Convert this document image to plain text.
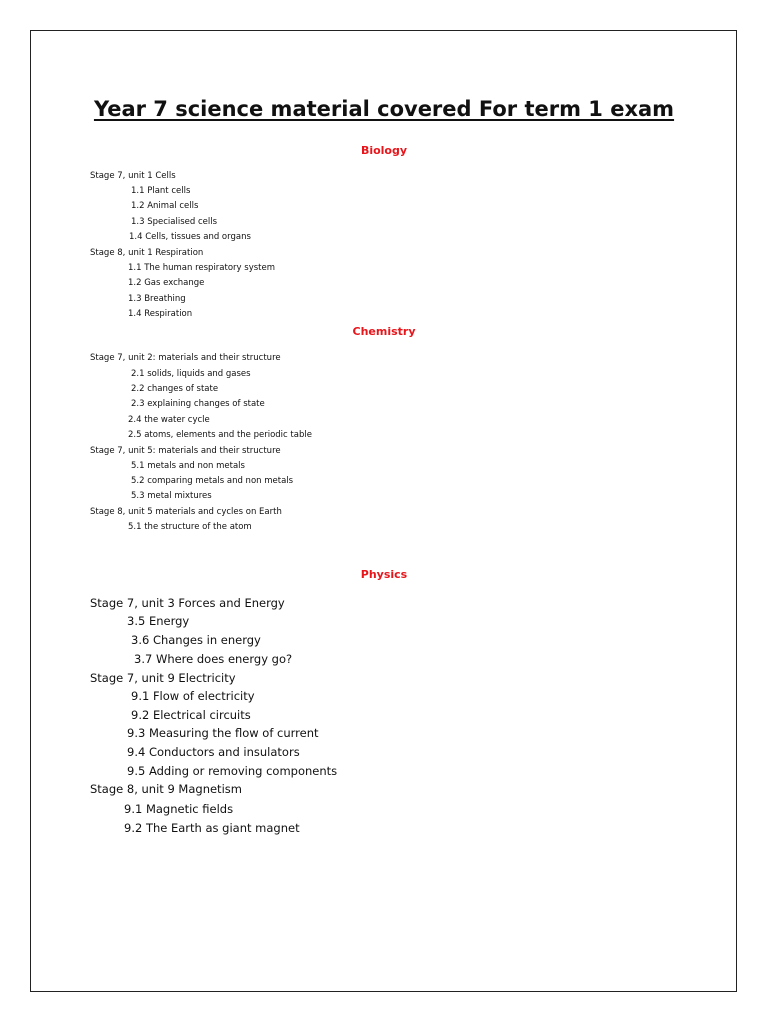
Year 7 science material covered For term 1 exam
Biology
Stage 7, unit 1 Cells
1.1 Plant cells
1.2 Animal cells
1.3 Specialised cells
1.4 Cells, tissues and organs
Stage 8, unit 1 Respiration
1.1 The human respiratory system
1.2 Gas exchange
1.3 Breathing
1.4 Respiration
Chemistry
Stage 7, unit 2: materials and their structure
2.1 solids, liquids and gases
2.2 changes of state
2.3 explaining changes of state
2.4 the water cycle
2.5 atoms, elements and the periodic table
Stage 7, unit 5: materials and their structure
5.1 metals and non metals
5.2 comparing metals and non metals
5.3 metal mixtures
Stage 8, unit 5 materials and cycles on Earth
5.1 the structure of the atom
Physics
Stage 7, unit 3 Forces and Energy
3.5 Energy
3.6 Changes in energy
3.7 Where does energy go?
Stage 7, unit 9 Electricity
9.1 Flow of electricity
9.2 Electrical circuits
9.3 Measuring the flow of current
9.4 Conductors and insulators
9.5 Adding or removing components
Stage 8, unit 9 Magnetism
9.1 Magnetic fields
9.2 The Earth as giant magnet
